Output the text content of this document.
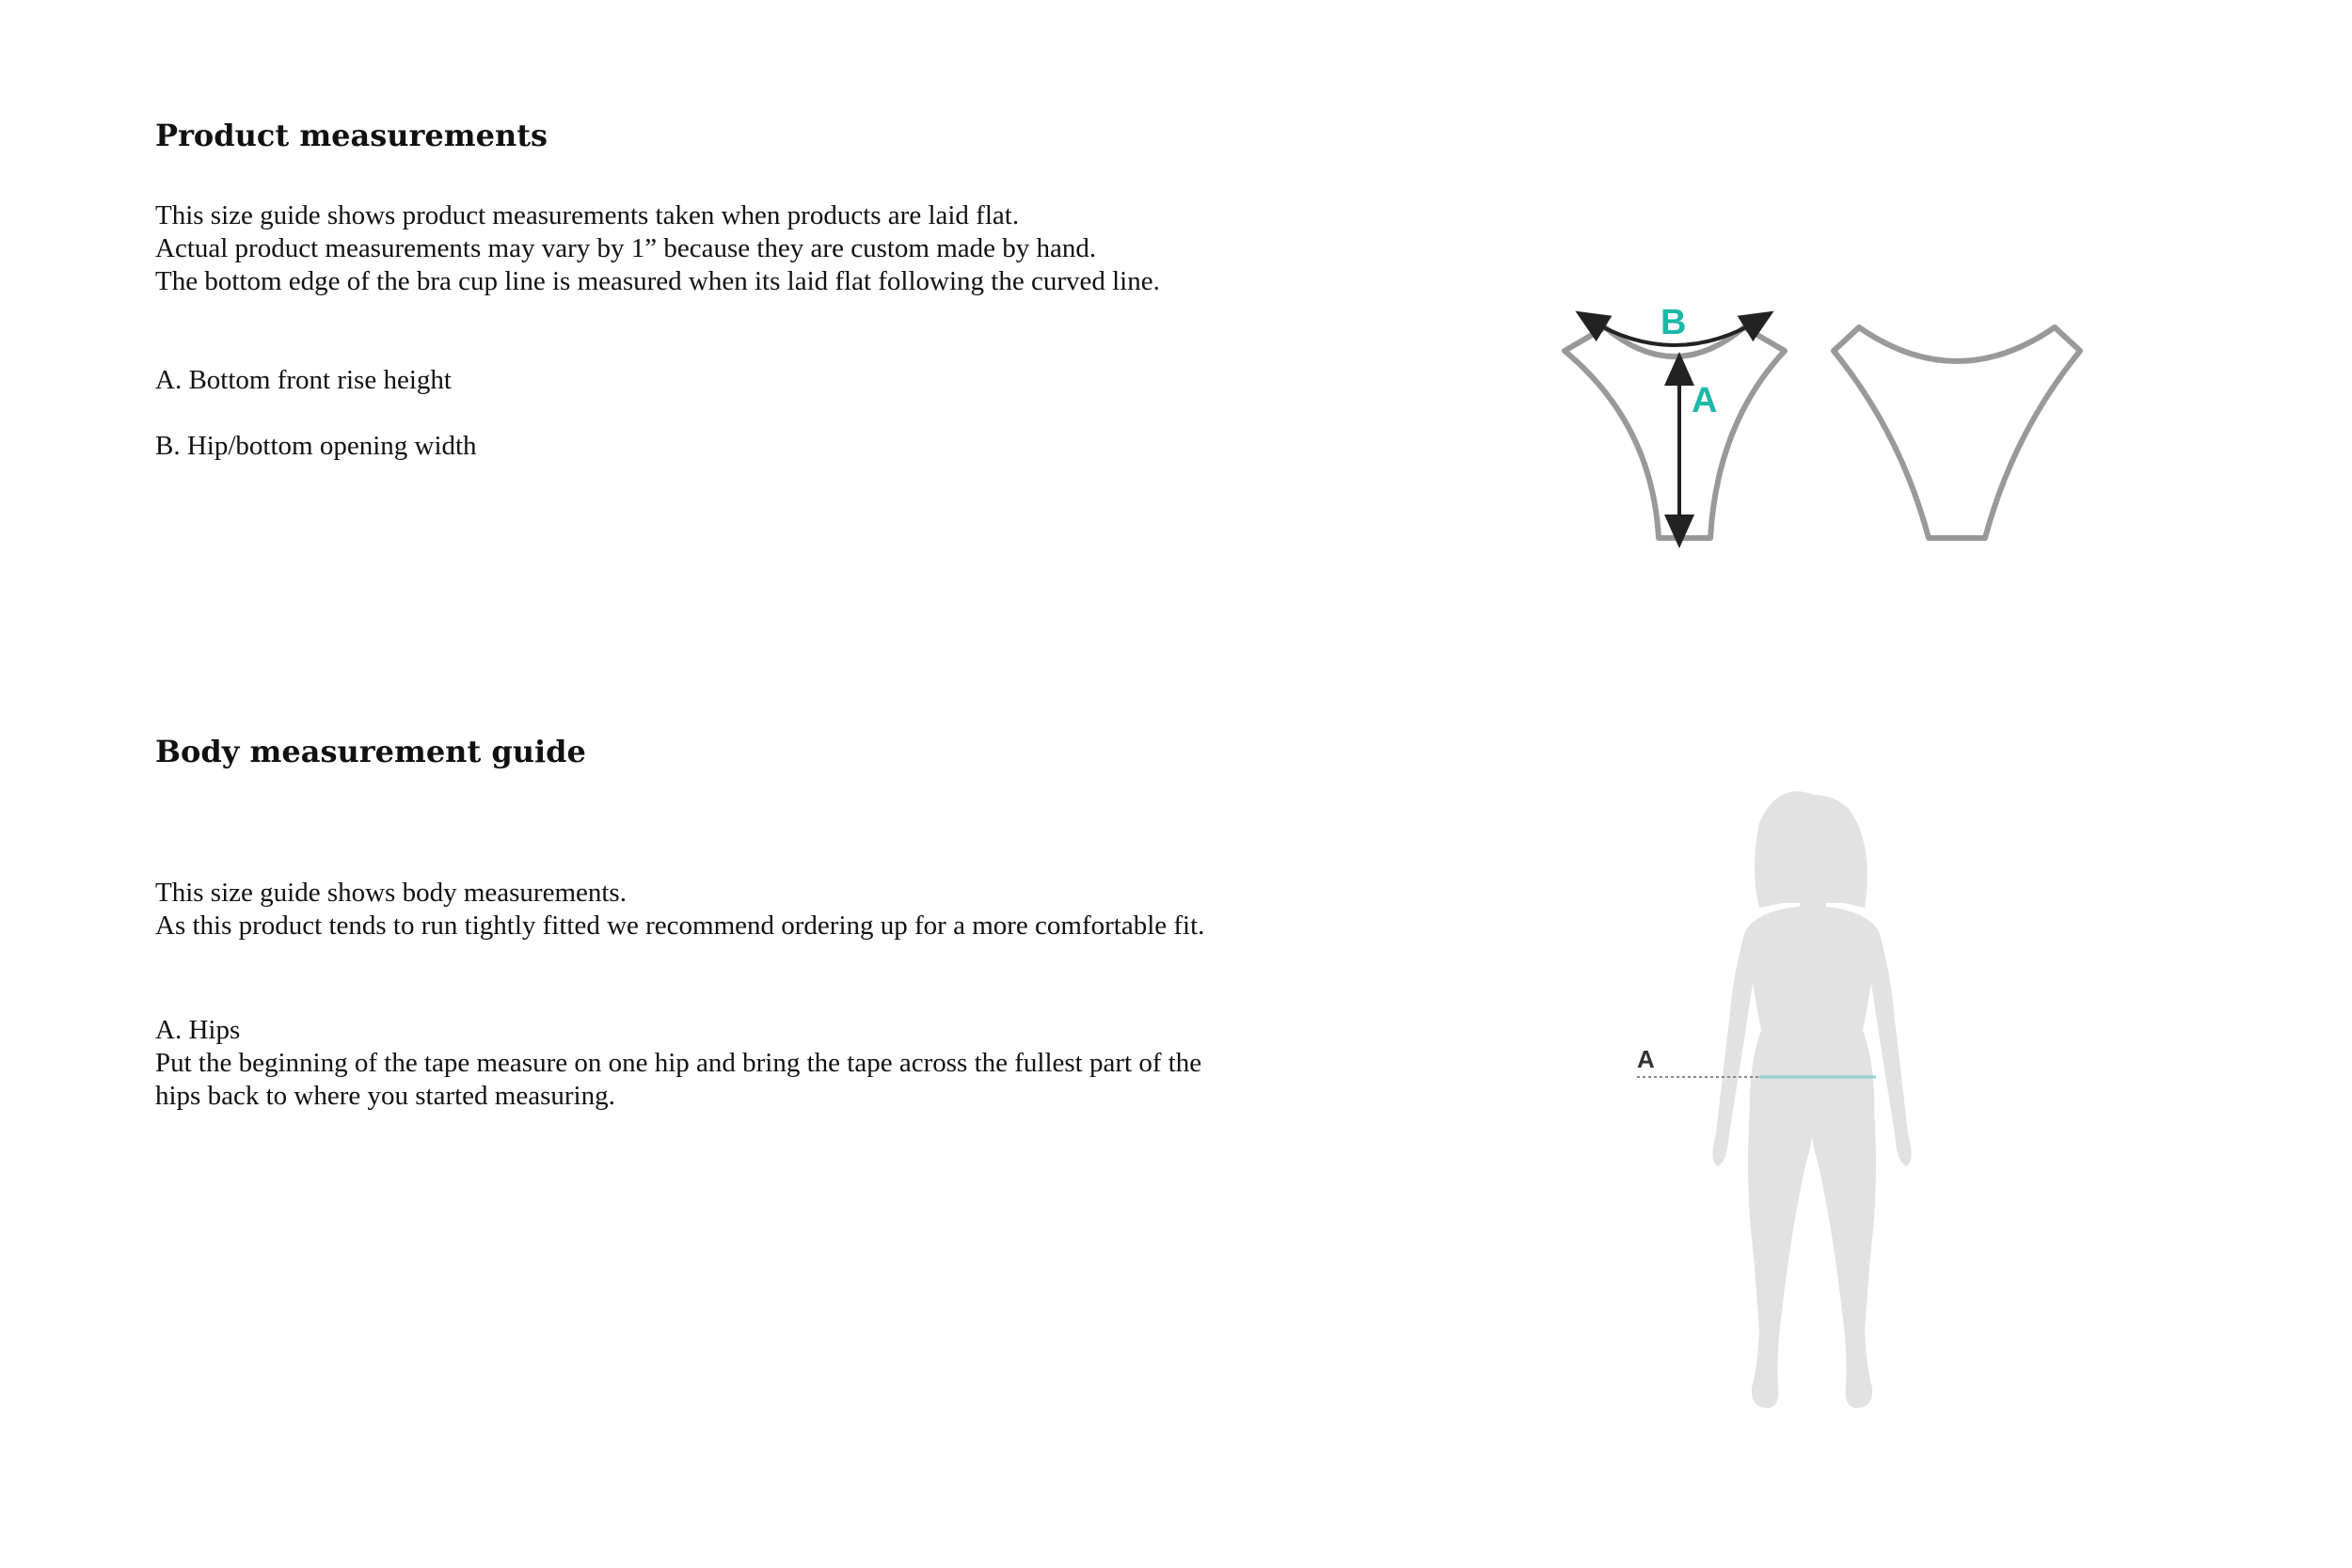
Product measurements

This size guide shows product measurements taken when products are laid flat.
Actual product measurements may vary by 1” because they are custom made by hand.
The bottom edge of the bra cup line is measured when its laid flat following the curved line.

A. Bottom front rise height

B. Hip/bottom opening width

B
A
Body measurement guide

This size guide shows body measurements.
As this product tends to run tightly fitted we recommend ordering up for a more comfortable fit.

A. Hips
Put the beginning of the tape measure on one hip and bring the tape across the fullest part of the
hips back to where you started measuring.

A
